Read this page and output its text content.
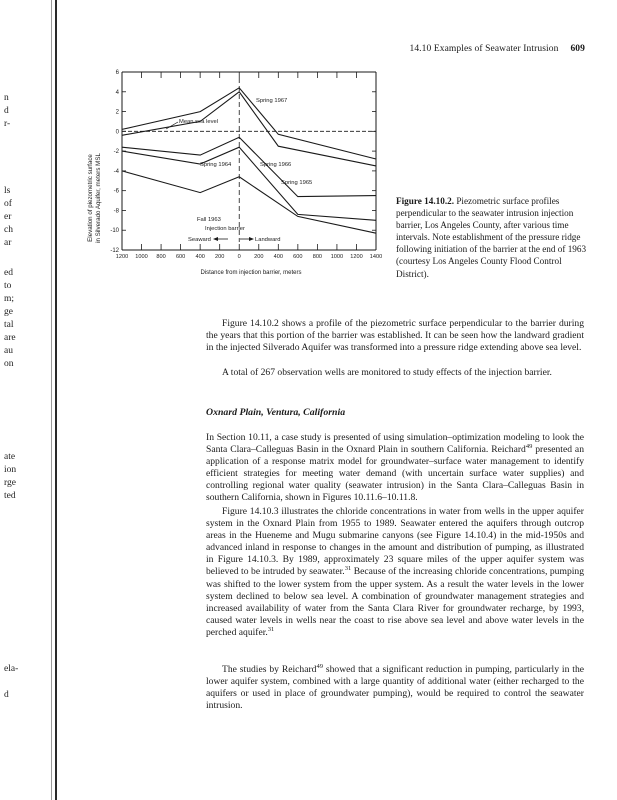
n
d
r-
ls
of
er
ch
ar
ed
to
m;
ge
tal
are
au
on
ate
ion
rge
ted
ela-
d
14.10 Examples of Seawater Intrusion 609
Elevation of piezometric surface in Silverado Aquifer, meters MSL
-12
-10
-8
-6
-4
-2
0
2
4
6
1200 1000 800 600 400 200 0 200 400 600 800 1000 1200 1400
Mean sea level
Spring 1967
Spring 1966
Spring 1965
Spring 1964
Fall 1963
Injection barrier
Seaward	Landward
Distance from injection barrier, meters
Figure 14.10.2. Piezometric surface profiles perpendicular to the seawater intrusion injection barrier, Los Angeles County, after various time intervals. Note establishment of the pressure ridge following initiation of the barrier at the end of 1963 (courtesy Los Angeles County Flood Control District).

Figure 14.10.2 shows a profile of the piezometric surface perpendicular to the barrier during the years that this portion of the barrier was established. It can be seen how the landward gradient in the injected Silverado Aquifer was transformed into a pressure ridge extending above sea level.

A total of 267 observation wells are monitored to study effects of the injection barrier.

Oxnard Plain, Ventura, California

In Section 10.11, a case study is presented of using simulation–optimization modeling to look the Santa Clara–Calleguas Basin in the Oxnard Plain in southern California. Reichard$^{49}$ presented an application of a response matrix model for groundwater–surface water management to identify efficient strategies for meeting water demand (with uncertain surface water supplies) and controlling regional water quality (seawater intrusion) in the Santa Clara–Calleguas Basin in southern California, shown in Figures 10.11.6–10.11.8.

Figure 14.10.3 illustrates the chloride concentrations in water from wells in the upper aquifer system in the Oxnard Plain from 1955 to 1989. Seawater entered the aquifers through outcrop areas in the Hueneme and Mugu submarine canyons (see Figure 14.10.4) in the mid-1950s and advanced inland in response to changes in the amount and distribution of pumping, as illustrated in Figure 14.10.3. By 1989, approximately 23 square miles of the upper aquifer system was believed to be intruded by seawater.$^{31}$ Because of the increasing chloride concentrations, pumping was shifted to the lower system from the upper system. As a result the water levels in the lower system declined to below sea level. A combination of groundwater management strategies and increased availability of water from the Santa Clara River for groundwater recharge, by 1993, caused water levels in wells near the coast to rise above sea level and above water levels in the perched aquifer.$^{31}$

The studies by Reichard$^{49}$ showed that a significant reduction in pumping, particularly in the lower aquifer system, combined with a large quantity of additional water (either recharged to the aquifers or used in place of groundwater pumping), would be required to control the seawater intrusion.
